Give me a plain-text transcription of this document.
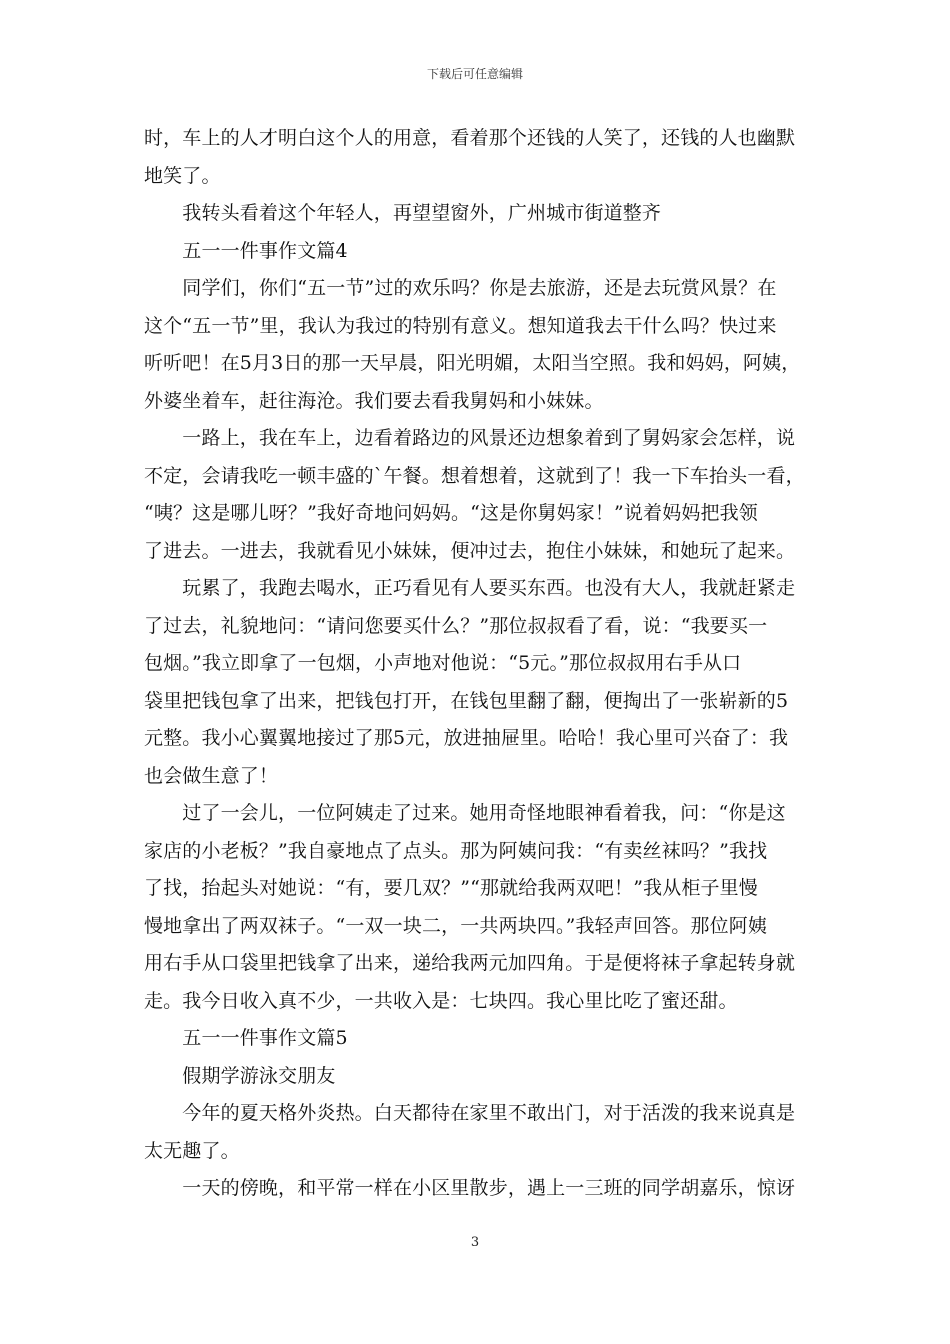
下载后可任意编辑
时，车上的人才明白这个人的用意，看着那个还钱的人笑了，还钱的人也幽默
地笑了。
　　我转头看着这个年轻人，再望望窗外，广州城市街道整齐
　　五一一件事作文篇4
　　同学们，你们“五一节”过的欢乐吗？你是去旅游，还是去玩赏风景？在
这个“五一节”里，我认为我过的特别有意义。想知道我去干什么吗？快过来
听听吧！在5月3日的那一天早晨，阳光明媚，太阳当空照。我和妈妈，阿姨，
外婆坐着车，赶往海沧。我们要去看我舅妈和小妹妹。
　　一路上，我在车上，边看着路边的风景还边想象着到了舅妈家会怎样，说
不定，会请我吃一顿丰盛的`午餐。想着想着，这就到了！我一下车抬头一看，
“咦？这是哪儿呀？”我好奇地问妈妈。“这是你舅妈家！”说着妈妈把我领
了进去。一进去，我就看见小妹妹，便冲过去，抱住小妹妹，和她玩了起来。
　　玩累了，我跑去喝水，正巧看见有人要买东西。也没有大人，我就赶紧走
了过去，礼貌地问：“请问您要买什么？”那位叔叔看了看，说：“我要买一
包烟。”我立即拿了一包烟，小声地对他说：“5元。”那位叔叔用右手从口
袋里把钱包拿了出来，把钱包打开，在钱包里翻了翻，便掏出了一张崭新的5
元整。我小心翼翼地接过了那5元，放进抽屉里。哈哈！我心里可兴奋了：我
也会做生意了！
　　过了一会儿，一位阿姨走了过来。她用奇怪地眼神看着我，问：“你是这
家店的小老板？”我自豪地点了点头。那为阿姨问我：“有卖丝袜吗？”我找
了找，抬起头对她说：“有，要几双？”“那就给我两双吧！”我从柜子里慢
慢地拿出了两双袜子。“一双一块二，一共两块四。”我轻声回答。那位阿姨
用右手从口袋里把钱拿了出来，递给我两元加四角。于是便将袜子拿起转身就
走。我今日收入真不少，一共收入是：七块四。我心里比吃了蜜还甜。
　　五一一件事作文篇5
　　假期学游泳交朋友
　　今年的夏天格外炎热。白天都待在家里不敢出门，对于活泼的我来说真是
太无趣了。
　　一天的傍晚，和平常一样在小区里散步，遇上一三班的同学胡嘉乐，惊讶
3
